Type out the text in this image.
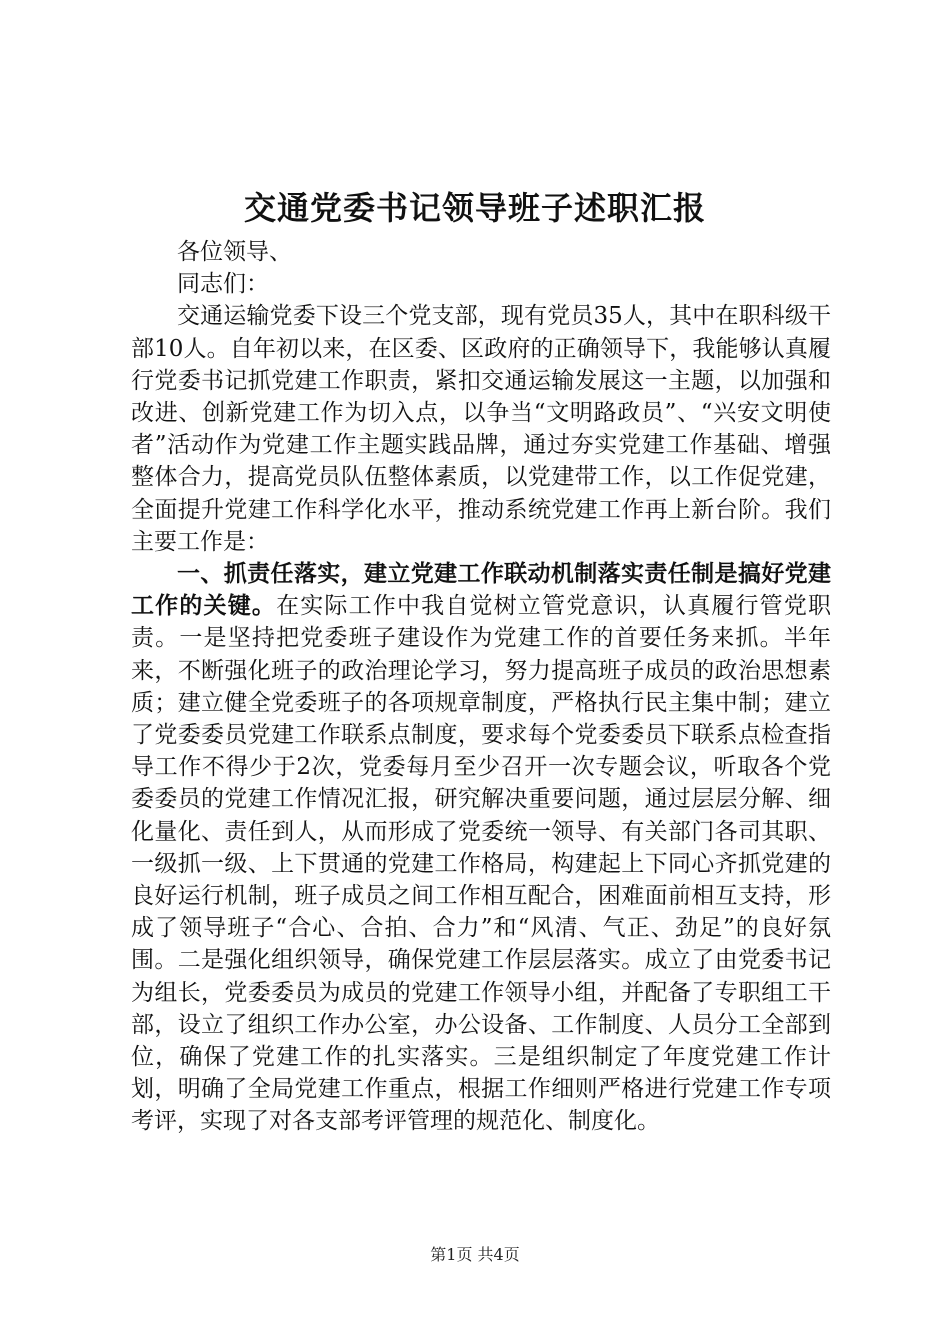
交通党委书记领导班子述职汇报

各位领导、

同志们：

交通运输党委下设三个党支部，现有党员35人，其中在职科级干部10人。自年初以来，在区委、区政府的正确领导下，我能够认真履行党委书记抓党建工作职责，紧扣交通运输发展这一主题，以加强和改进、创新党建工作为切入点，以争当“文明路政员”、“兴安文明使者”活动作为党建工作主题实践品牌，通过夯实党建工作基础、增强整体合力，提高党员队伍整体素质，以党建带工作，以工作促党建，全面提升党建工作科学化水平，推动系统党建工作再上新台阶。我们主要工作是：

一、抓责任落实，建立党建工作联动机制落实责任制是搞好党建工作的关键。在实际工作中我自觉树立管党意识，认真履行管党职责。一是坚持把党委班子建设作为党建工作的首要任务来抓。半年来，不断强化班子的政治理论学习，努力提高班子成员的政治思想素质；建立健全党委班子的各项规章制度，严格执行民主集中制；建立了党委委员党建工作联系点制度，要求每个党委委员下联系点检查指导工作不得少于2次，党委每月至少召开一次专题会议，听取各个党委委员的党建工作情况汇报，研究解决重要问题，通过层层分解、细化量化、责任到人，从而形成了党委统一领导、有关部门各司其职、一级抓一级、上下贯通的党建工作格局，构建起上下同心齐抓党建的良好运行机制，班子成员之间工作相互配合，困难面前相互支持，形成了领导班子“合心、合拍、合力”和“风清、气正、劲足”的良好氛围。二是强化组织领导，确保党建工作层层落实。成立了由党委书记为组长，党委委员为成员的党建工作领导小组，并配备了专职组工干部，设立了组织工作办公室，办公设备、工作制度、人员分工全部到位，确保了党建工作的扎实落实。三是组织制定了年度党建工作计划，明确了全局党建工作重点，根据工作细则严格进行党建工作专项考评，实现了对各支部考评管理的规范化、制度化。

第1页 共4页
